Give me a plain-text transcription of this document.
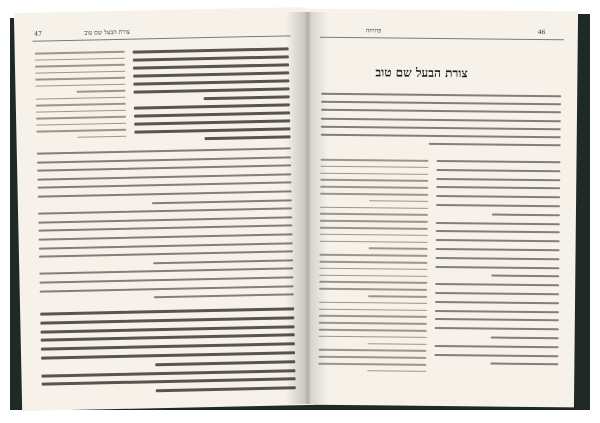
צורת הבעל שם טוב
47	46
פתיחה
צורת הבעל שם טוב
